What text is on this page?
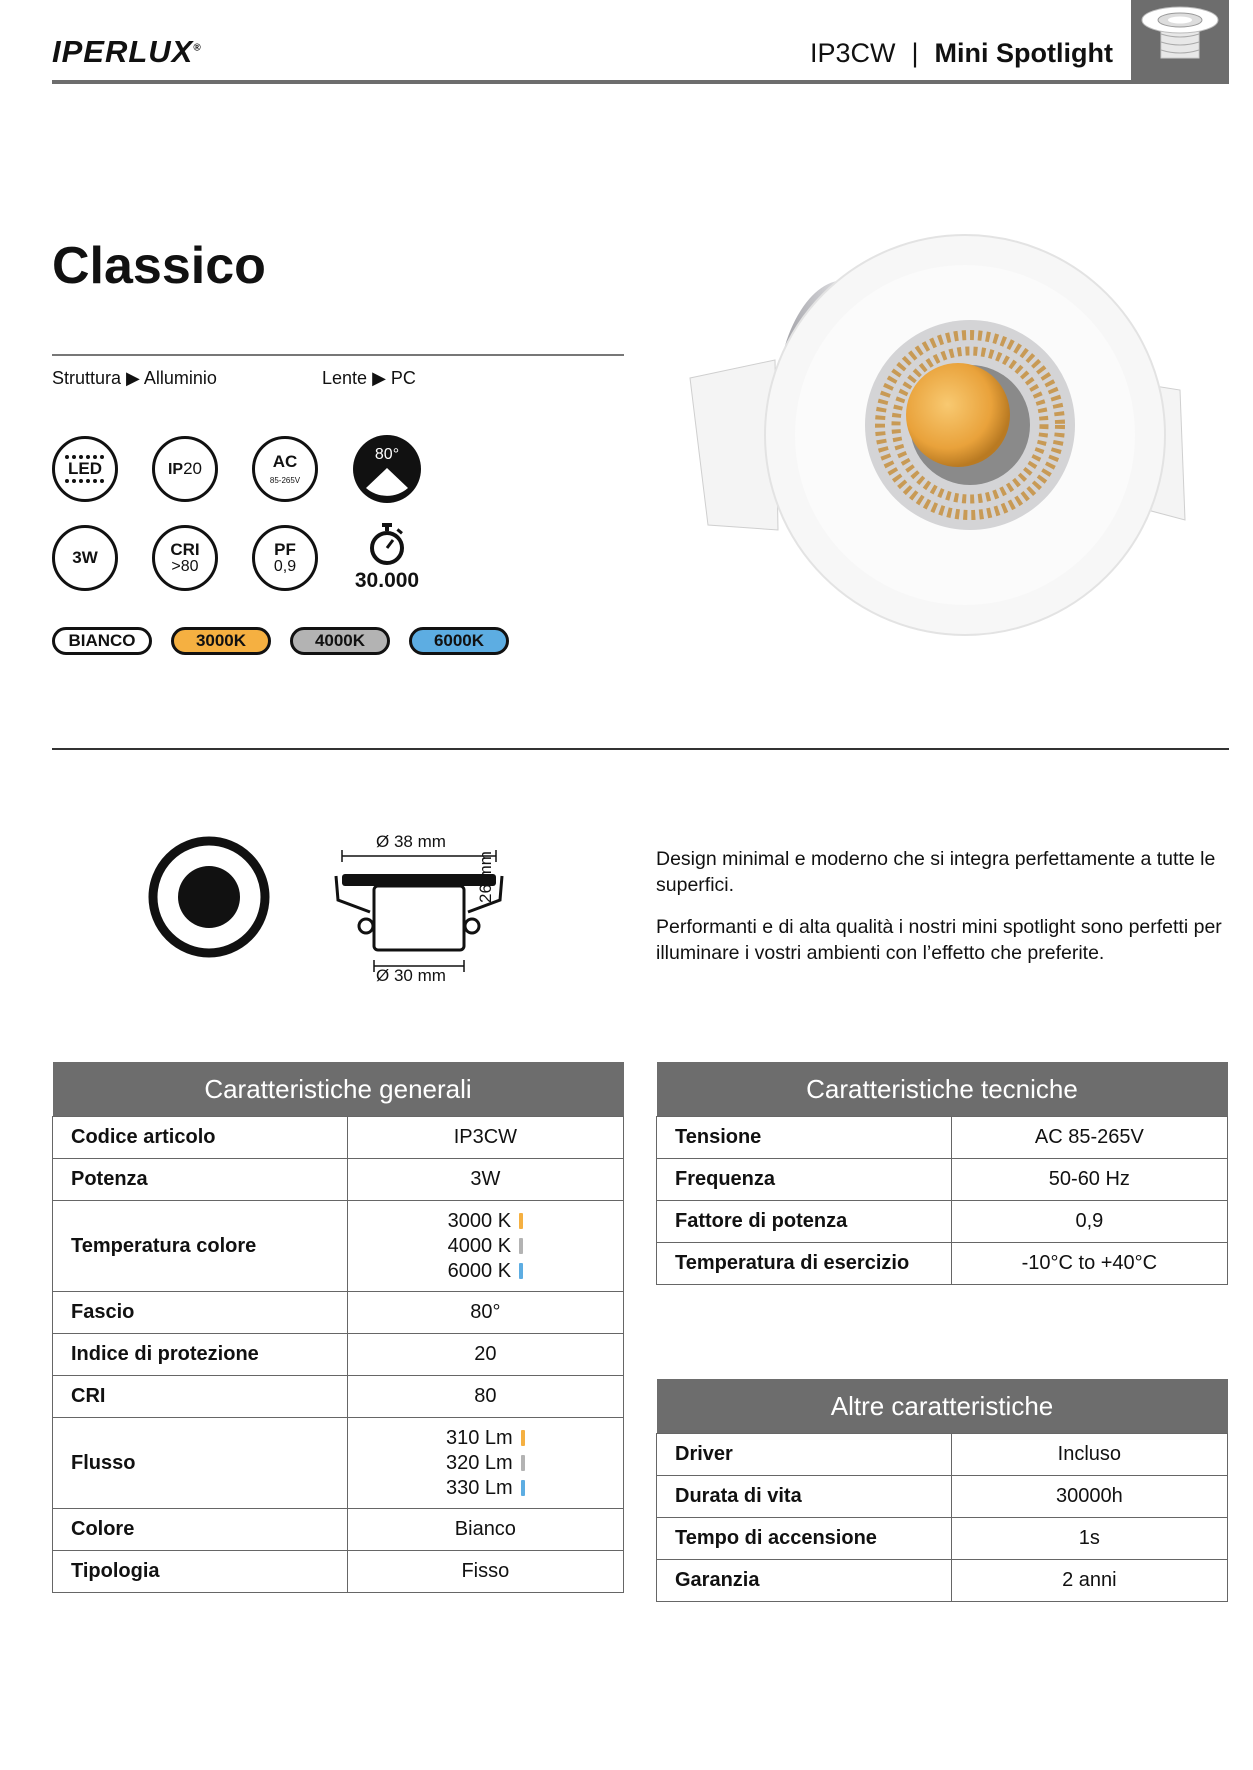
IPERLUX®	IP3CW | Mini Spotlight
Classico
Struttura ▶ Alluminio	Lente ▶ PC
LED	IP20	AC
85-265V
80°
3W	CRI
>80
PF
0,9
30.000
BIANCO	3000K	4000K	6000K
Ø 38 mm
Ø 30 mm
26 mm	Design minimal e moderno che si integra perfettamente a tutte le superfici.
Performanti e di alta qualità i nostri mini spotlight sono perfetti per illuminare i vostri ambienti con l’effetto che preferite.
Caratteristiche generali	
Codice articolo	IP3CW
Potenza	3W
Temperatura colore	3000 K
4000 K
6000 K

Fascio	80°
Indice di protezione	20
CRI	80
Flusso	310 Lm
320 Lm
330 Lm

Colore	Bianco
Tipologia	Fisso
Caratteristiche tecniche	
Tensione	AC 85-265V
Frequenza	50-60 Hz
Fattore di potenza	0,9
Temperatura di esercizio	-10°C to +40°C
Altre caratteristiche	
Driver	Incluso
Durata di vita	30000h
Tempo di accensione	1s
Garanzia	2 anni
